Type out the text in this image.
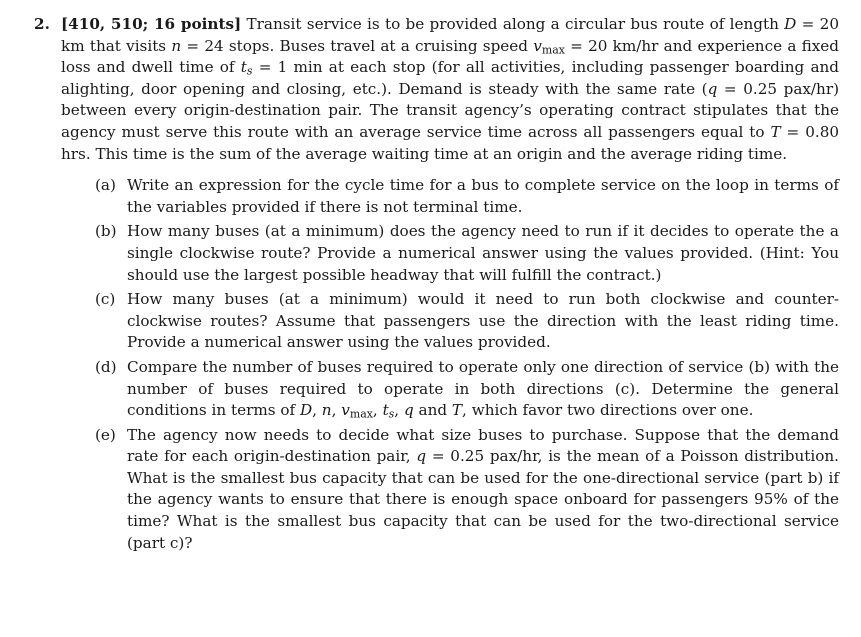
2. [410, 510; 16 points] Transit service is to be provided along a circular bus route of length D = 20 km that visits n = 24 stops. Buses travel at a cruising speed $v_{max} = 20$ km/hr and experience a fixed loss and dwell time of $t_s = 1$ min at each stop (for all activities, including passenger boarding and alighting, door opening and closing, etc.). Demand is steady with the same rate (q = 0.25 pax/hr) between every origin-destination pair. The transit agency’s operating contract stipulates that the agency must serve this route with an average service time across all passengers equal to T = 0.80 hrs. This time is the sum of the average waiting time at an origin and the average riding time.
(a) Write an expression for the cycle time for a bus to complete service on the loop in terms of the variables provided if there is not terminal time.
(b) How many buses (at a minimum) does the agency need to run if it decides to operate the a single clockwise route? Provide a numerical answer using the values provided. (Hint: You should use the largest possible headway that will fulfill the contract.)
(c) How many buses (at a minimum) would it need to run both clockwise and counter-clockwise routes? Assume that passengers use the direction with the least riding time. Provide a numerical answer using the values provided.
(d) Compare the number of buses required to operate only one direction of service (b) with the number of buses required to operate in both directions (c). Determine the general conditions in terms of D, n, $v_{max}$, $t_s$, q and T, which favor two directions over one.
(e) The agency now needs to decide what size buses to purchase. Suppose that the demand rate for each origin-destination pair, q = 0.25 pax/hr, is the mean of a Poisson distribution. What is the smallest bus capacity that can be used for the one-directional service (part b) if the agency wants to ensure that there is enough space onboard for passengers 95% of the time? What is the smallest bus capacity that can be used for the two-directional service (part c)?
